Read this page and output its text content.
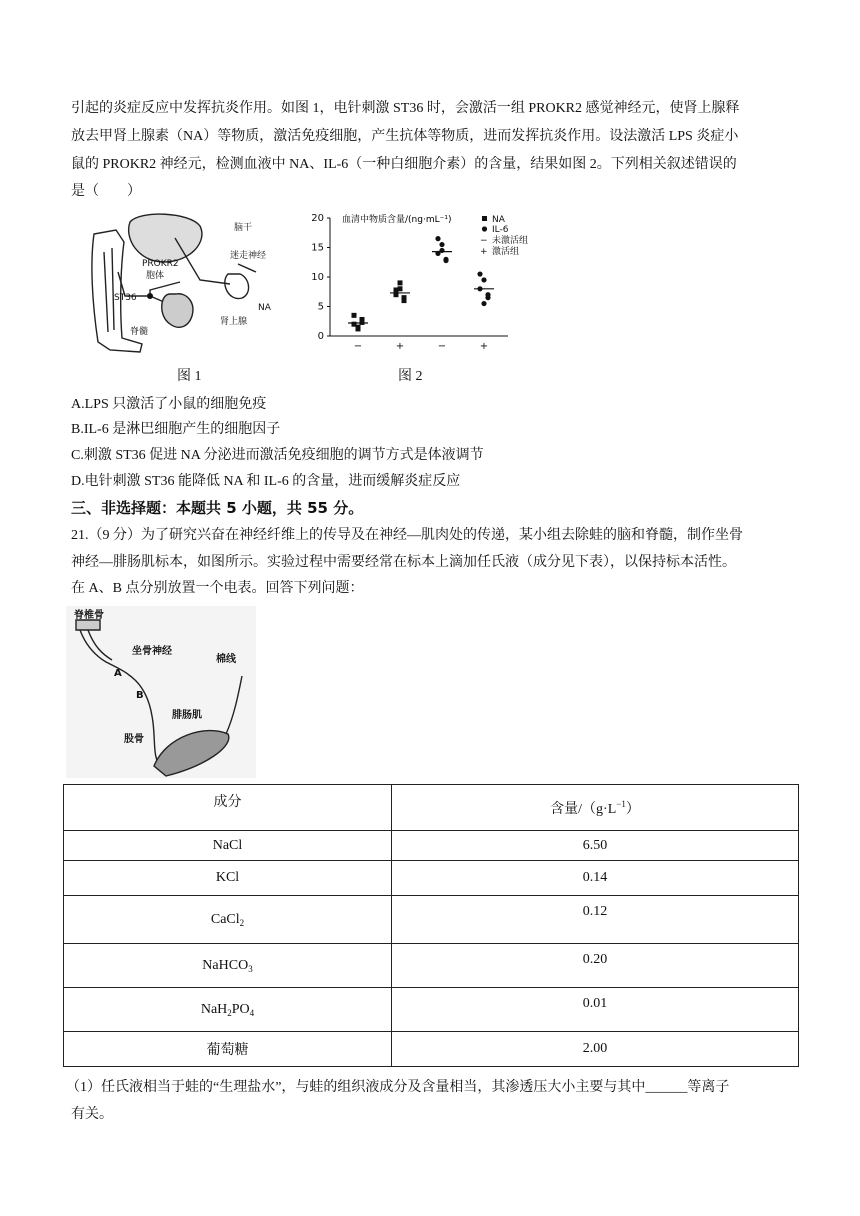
引起的炎症反应中发挥抗炎作用。如图 1，电针刺激 ST36 时，会激活一组 PROKR2 感觉神经元，使肾上腺释
放去甲肾上腺素（NA）等物质，激活免疫细胞，产生抗体等物质，进而发挥抗炎作用。设法激活 LPS 炎症小
鼠的 PROKR2 神经元，检测血液中 NA、IL-6（一种白细胞介素）的含量，结果如图 2。下列相关叙述错误的
是（　　）
脑干
迷走神经
PROKR2
胞体
ST36
脊髓
NA
肾上腺
图 1
0
5
10
15
20
−	+	−	+
血清中物质含量/(ng·mL⁻¹)	NA
IL-6
− 未激活组
+ 激活组
图 2
A.LPS 只激活了小鼠的细胞免疫
B.IL-6 是淋巴细胞产生的细胞因子
C.刺激 ST36 促进 NA 分泌进而激活免疫细胞的调节方式是体液调节
D.电针刺激 ST36 能降低 NA 和 IL-6 的含量，进而缓解炎症反应
三、非选择题：本题共 5 小题，共 55 分。
21.（9 分）为了研究兴奋在神经纤维上的传导及在神经—肌肉处的传递，某小组去除蛙的脑和脊髓，制作坐骨
神经—腓肠肌标本，如图所示。实验过程中需要经常在标本上滴加任氏液（成分见下表），以保持标本活性。
在 A、B 点分别放置一个电表。回答下列问题：
脊椎骨
坐骨神经
棉线
A
B
腓肠肌
股骨
成分	含量$/(g\cdot L^{-1})$
NaCl	6.50
KCl	0.14
CaCl$_2$	0.12
NaHCO$_3$	0.20
$NaH_2PO_4$	0.01
葡萄糖	2.00
（1）任氏液相当于蛙的“生理盐水”，与蛙的组织液成分及含量相当，其渗透压大小主要与其中______等离子
有关。
